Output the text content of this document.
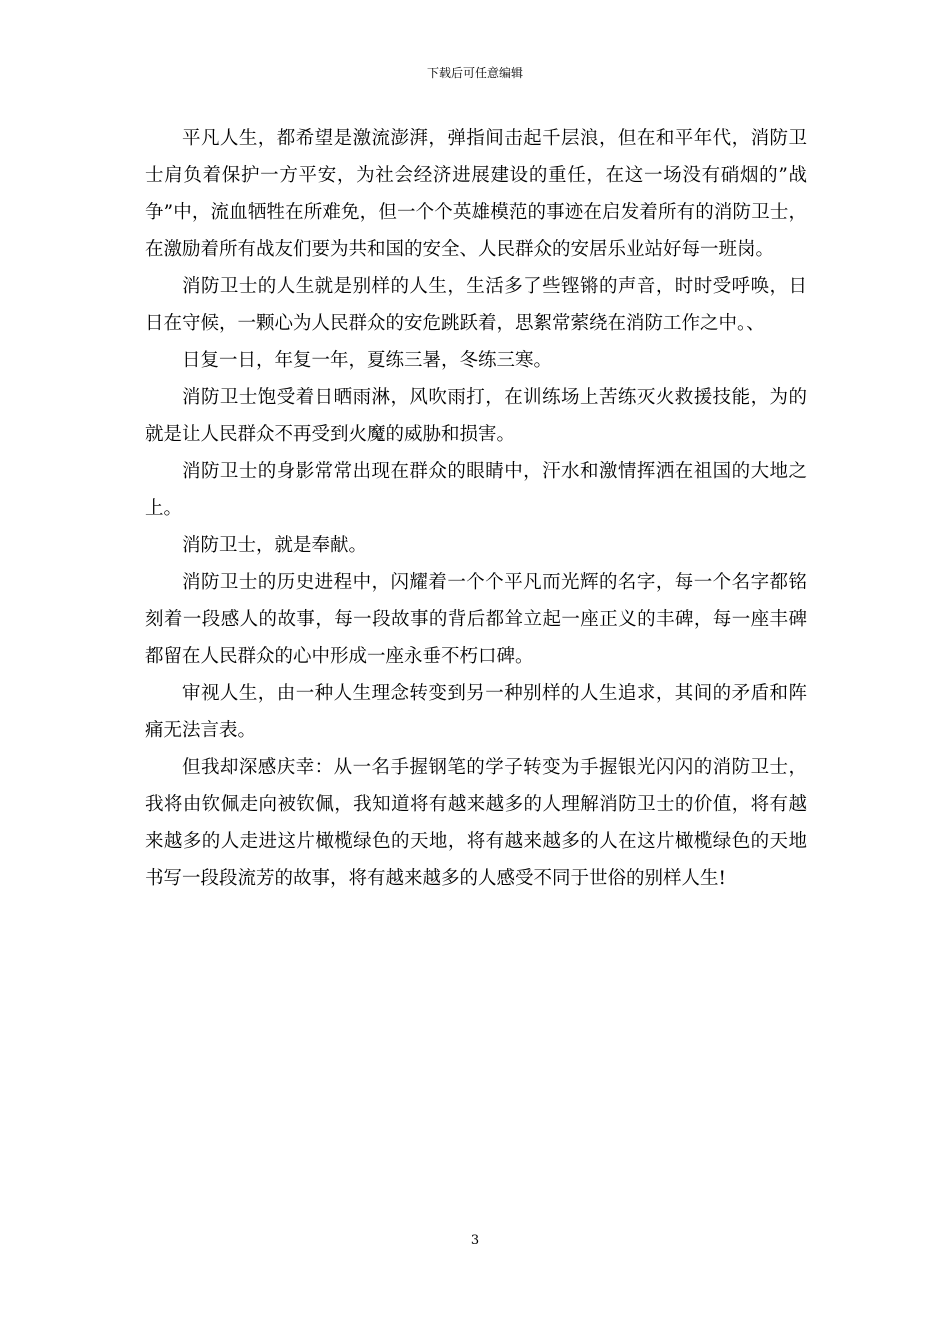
下载后可任意编辑

平凡人生，都希望是激流澎湃，弹指间击起千层浪，但在和平年代，消防卫士肩负着保护一方平安，为社会经济进展建设的重任，在这一场没有硝烟的”战争”中，流血牺牲在所难免，但一个个英雄模范的事迹在启发着所有的消防卫士，在激励着所有战友们要为共和国的安全、人民群众的安居乐业站好每一班岗。

消防卫士的人生就是别样的人生，生活多了些铿锵的声音，时时受呼唤，日日在守候，一颗心为人民群众的安危跳跃着，思絮常萦绕在消防工作之中。、

日复一日，年复一年，夏练三暑，冬练三寒。

消防卫士饱受着日晒雨淋，风吹雨打，在训练场上苦练灭火救援技能，为的就是让人民群众不再受到火魔的威胁和损害。

消防卫士的身影常常出现在群众的眼睛中，汗水和激情挥洒在祖国的大地之上。

消防卫士，就是奉献。

消防卫士的历史进程中，闪耀着一个个平凡而光辉的名字，每一个名字都铭刻着一段感人的故事，每一段故事的背后都耸立起一座正义的丰碑，每一座丰碑都留在人民群众的心中形成一座永垂不朽口碑。

审视人生，由一种人生理念转变到另一种别样的人生追求，其间的矛盾和阵痛无法言表。

但我却深感庆幸：从一名手握钢笔的学子转变为手握银光闪闪的消防卫士，我将由钦佩走向被钦佩，我知道将有越来越多的人理解消防卫士的价值，将有越来越多的人走进这片橄榄绿色的天地，将有越来越多的人在这片橄榄绿色的天地书写一段段流芳的故事，将有越来越多的人感受不同于世俗的别样人生!

3
